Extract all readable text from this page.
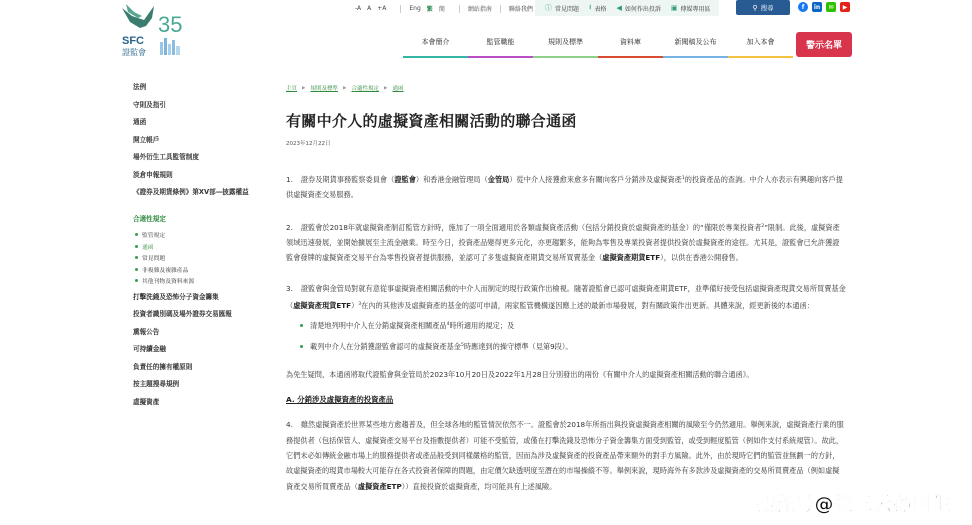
35
SFC
證監會
-A A +A	Eng 繁 簡	網站指南	聯絡我們 ⓘ 常見問題 ⭳ 表格 ◀ 如何作出投訴 ▣ 傳媒專用區	⚲ 搜尋	f	in	✉	▶
本會簡介	監管職能	規則及標準	資料庫	新聞稿及公布	加入本會	警示名單
法例
守則及指引
通函
開立帳戶
場外衍生工具監管制度
淡倉申報規則
《證券及期貨條例》第XV部—披露權益
合適性規定
監管規定
通函
常見問題
非複雜及複雜產品
其他刊物及資料來源
打擊洗錢及恐怖分子資金籌集
投資者識別碼及場外證券交易匯報
熏報公告
可持續金融
負責任的擁有權原則
按主題搜尋規例
虛擬資產
主頁 ▶ 規則及標準 ▶ 合適性規定 ▶ 通函
有關中介人的虛擬資產相關活動的聯合通函
2023年12月22日

1. 證券及期貨事務監察委員會（證監會）和香港金融管理局（金管局）從中介人接獲愈來愈多有關向客戶分銷涉及虛擬資產$^1$的投資產品的查詢。中介人亦表示有興趣向客戶提供虛擬資產交易服務。

2. 證監會於2018年就虛擬資產制訂監管方針時，施加了一項全面適用於各類虛擬資產活動（包括分銷投資於虛擬資產的基金）的“僅限於專業投資者$^2$”限制。此後，虛擬資產領域迅速發展，並開始擴展至主流金融業。時至今日，投資產品變得更多元化，亦更趨繁多，能夠為零售及專業投資者提供投資於虛擬資產的途徑。尤其是，證監會已允許獲證監會發牌的虛擬資產交易平台為零售投資者提供服務，並認可了多隻虛擬資產期貨交易所買賣基金（虛擬資產期貨ETF），以供在香港公開發售。

3. 證監會與金管局對就有意從事虛擬資產相關活動的中介人而制定的現行政策作出檢視。隨著證監會已認可虛擬資產期貨ETF，並準備好接受包括虛擬資產現貨交易所買賣基金（虛擬資產現貨ETF）$^3$在內的其他涉及虛擬資產的基金的認可申請，兩家監管機構遂因應上述的最新市場發展，對有關政策作出更新。具體來說，經更新後的本通函：

清楚地列明中介人在分銷虛擬資產相關產品$^4$時所適用的規定；及
載列中介人在分銷獲證監會認可的虛擬資產基金$^5$時應達到的操守標準（見第9段）。

為免生疑問，本通函將取代證監會與金管局於2023年10月20日及2022年1月28日分別發出的兩份《有關中介人的虛擬資產相關活動的聯合通函》。

A. 分銷涉及虛擬資產的投資產品

4. 雖然虛擬資產於世界某些地方愈趨普及，但全球各地的監管情況依然不一。證監會於2018年所指出與投資虛擬資產相關的風險至今仍然適用。舉例來說，虛擬資產行業的服務提供者（包括保管人、虛擬資產交易平台及指數提供者）可能不受監管，或僅在打擊洗錢及恐怖分子資金籌集方面受到監管，或受到輕度監管（例如作支付系統規管）。故此，它們未必如傳統金融市場上的服務提供者或產品般受到同樣嚴格的監管，因而為涉及虛擬資產的投資產品帶來額外的對手方風險。此外，由於現時它們的監管並無劃一的方針，故虛擬資產的現貨市場較大可能存在各式投資者保障的問題，由定價欠缺透明度至潛在的市場操縱不等。舉例來說，現時海外有多款涉及虛擬資產的交易所買賣產品（例如虛擬資產交易所買賣產品（虛擬資產ETP））直接投資於虛擬資產，均可能具有上述風險。

搜狐号@微三云孙国生
